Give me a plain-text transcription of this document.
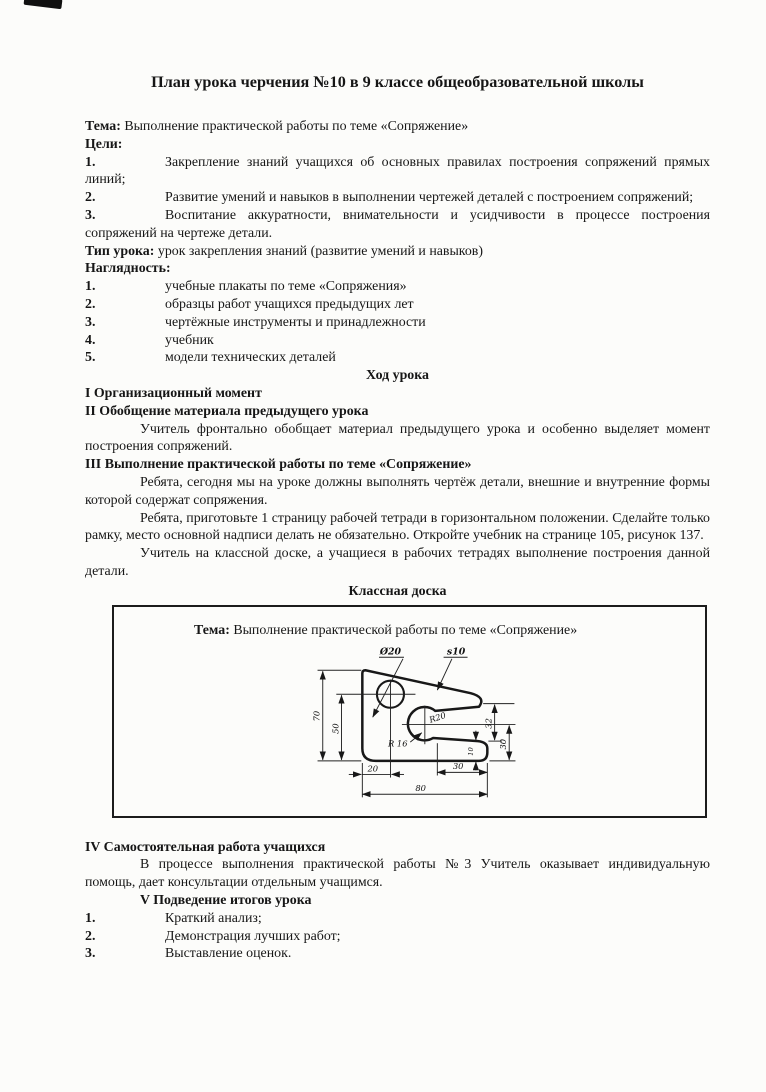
План урока черчения №10 в 9 классе общеобразовательной школы

Тема: Выполнение практической работы по теме «Сопряжение»

Цели:

1.	Закрепление знаний учащихся об основных правилах построения сопряжений прямых линий;

2.	Развитие умений и навыков в выполнении чертежей деталей с построением сопряжений;

3.	Воспитание аккуратности, внимательности и усидчивости в процессе построения сопряжений на чертеже детали.

Тип урока: урок закрепления знаний (развитие умений и навыков)

Наглядность:

1.	учебные плакаты по теме «Сопряжения»

2.	образцы работ учащихся предыдущих лет

3.	чертёжные инструменты и принадлежности

4.	учебник

5.	модели технических деталей

Ход урока

I Организационный момент

II Обобщение материала предыдущего урока

Учитель фронтально обобщает материал предыдущего урока и особенно выделяет момент построения сопряжений.

III Выполнение практической работы по теме «Сопряжение»

Ребята, сегодня мы на уроке должны выполнять чертёж детали, внешние и внутренние формы которой содержат сопряжения.

Ребята, приготовьте 1 страницу рабочей тетради в горизонтальном положении. Сделайте только рамку, место основной надписи делать не обязательно. Откройте учебник на странице 105, рисунок 137.

Учитель на классной доске, а учащиеся в рабочих тетрадях выполнение построения данной детали.

Классная доска

Тема: Выполнение практической работы по теме «Сопряжение»

Ø20	s10
R20
R 16
70
50	32
30
10
20	30
80

IV Самостоятельная работа учащихся

В процессе выполнения практической работы №3 Учитель оказывает индивидуальную помощь, дает консультации отдельным учащимся.

V Подведение итогов урока

1.	Краткий анализ;

2.	Демонстрация лучших работ;

3.	Выставление оценок.
